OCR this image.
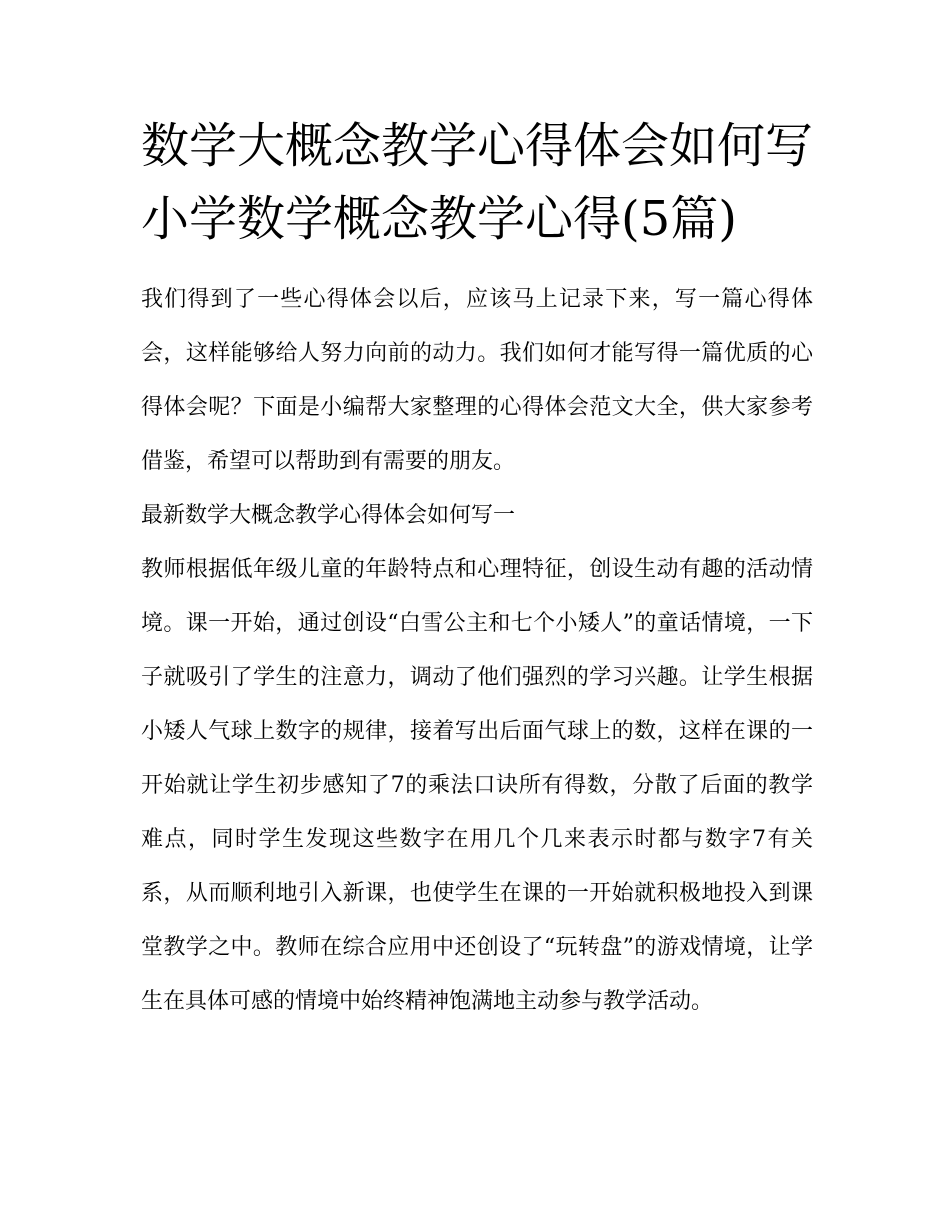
数学大概念教学心得体会如何写 小学数学概念教学心得(5篇)

我们得到了一些心得体会以后，应该马上记录下来，写一篇心得体会，这样能够给人努力向前的动力。我们如何才能写得一篇优质的心得体会呢？下面是小编帮大家整理的心得体会范文大全，供大家参考借鉴，希望可以帮助到有需要的朋友。

最新数学大概念教学心得体会如何写一

教师根据低年级儿童的年龄特点和心理特征，创设生动有趣的活动情境。课一开始，通过创设“白雪公主和七个小矮人”的童话情境，一下子就吸引了学生的注意力，调动了他们强烈的学习兴趣。让学生根据小矮人气球上数字的规律，接着写出后面气球上的数，这样在课的一开始就让学生初步感知了7的乘法口诀所有得数，分散了后面的教学难点，同时学生发现这些数字在用几个几来表示时都与数字7有关系，从而顺利地引入新课，也使学生在课的一开始就积极地投入到课堂教学之中。教师在综合应用中还创设了“玩转盘”的游戏情境，让学生在具体可感的情境中始终精神饱满地主动参与教学活动。
